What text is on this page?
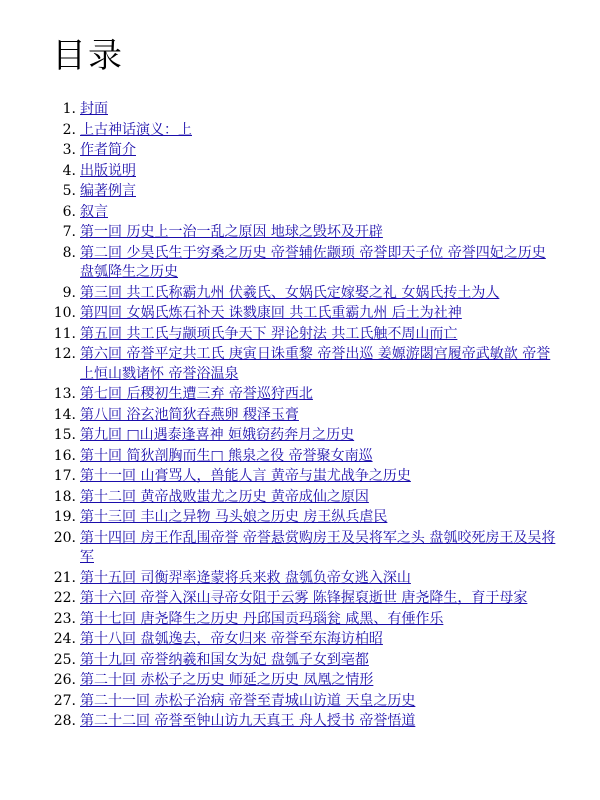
目录
1. 封面
2. 上古神话演义：上
3. 作者简介
4. 出版说明
5. 编著例言
6. 叙言
7. 第一回 历史上一治一乱之原因 地球之毁坏及开辟
8. 第二回 少昊氏生于穷桑之历史 帝誉辅佐颛顼 帝誉即天子位 帝誉四妃之历史 盘瓠降生之历史
9. 第三回 共工氏称霸九州 伏羲氏、女娲氏定嫁娶之礼 女娲氏抟土为人
10. 第四回 女娲氏炼石补天 诛戮康回 共工氏重霸九州 后土为社神
11. 第五回 共工氏与颛顼氏争天下 羿论射法 共工氏触不周山而亡
12. 第六回 帝誉平定共工氏 庚寅日诛重黎 帝誉出巡 姜嫄游閟宫履帝武敏歆 帝誉上恒山戮诸怀 帝誉浴温泉
13. 第七回 后稷初生遭三弃 帝誉巡狩西北
14. 第八回 浴玄池简狄吞燕卵 稷泽玉膏
15. 第九回 □山遇泰逢喜神 姮娥窃药奔月之历史
16. 第十回 简狄剖胸而生□ 熊泉之役 帝誉聚女南巡
17. 第十一回 山膏骂人，兽能人言 黄帝与蚩尤战争之历史
18. 第十二回 黄帝战败蚩尤之历史 黄帝成仙之原因
19. 第十三回 丰山之异物 马头娘之历史 房王纵兵虐民
20. 第十四回 房王作乱围帝誉 帝誉悬赏购房王及吴将军之头 盘瓠咬死房王及吴将军
21. 第十五回 司衡羿率逄蒙将兵来救 盘瓠负帝女逃入深山
22. 第十六回 帝誉入深山寻帝女阻于云雾 陈锋握裒逝世 唐尧降生，育于母家
23. 第十七回 唐尧降生之历史 丹邱国贡玛瑙瓮 咸黑、有倕作乐
24. 第十八回 盘瓠逸去，帝女归来 帝誉至东海访柏昭
25. 第十九回 帝誉纳羲和国女为妃 盘瓠子女到亳都
26. 第二十回 赤松子之历史 师延之历史 凤凰之情形
27. 第二十一回 赤松子治病 帝誉至青城山访道 天皇之历史
28. 第二十二回 帝誉至钟山访九天真王 舟人授书 帝誉悟道
